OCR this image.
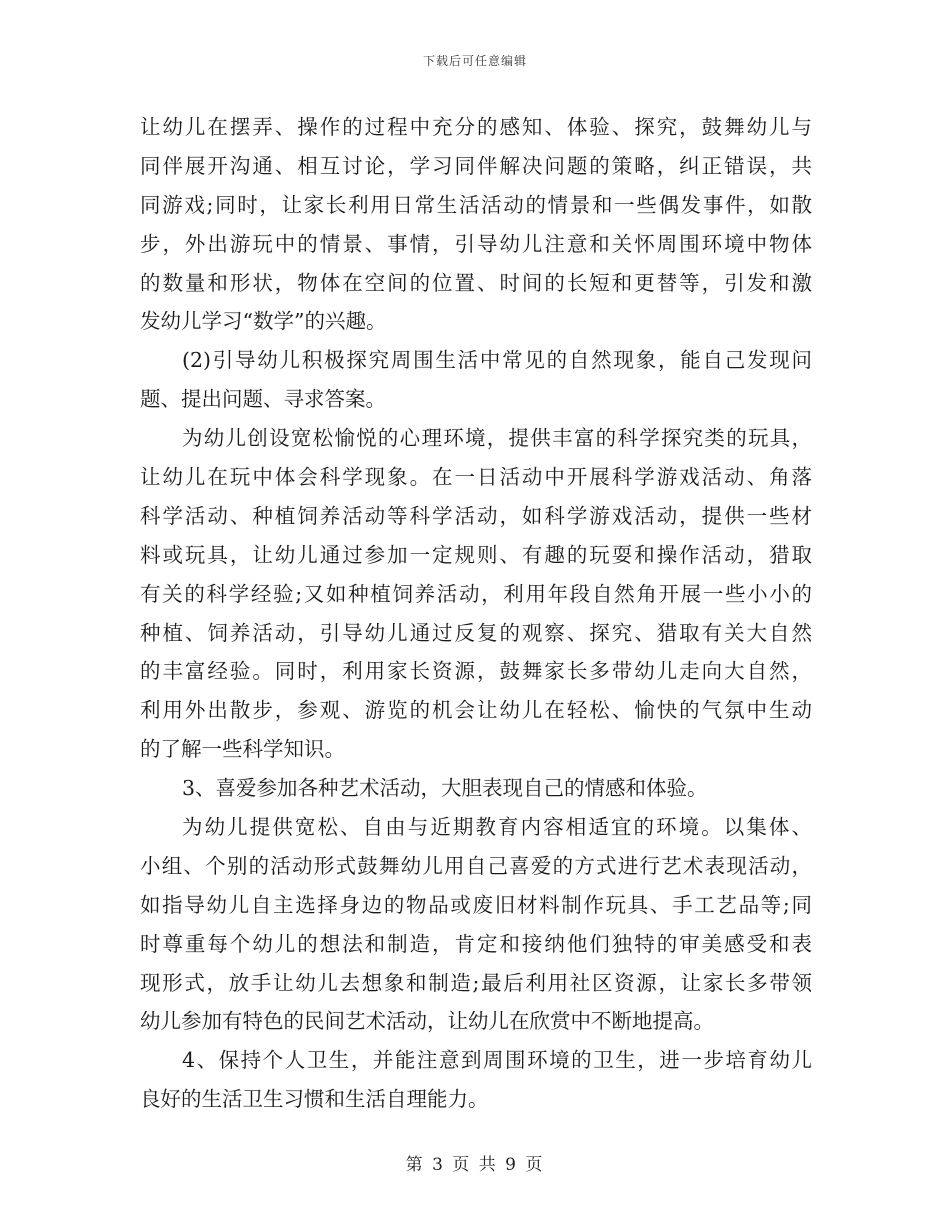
下载后可任意编辑
让幼儿在摆弄、操作的过程中充分的感知、体验、探究，鼓舞幼儿与
同伴展开沟通、相互讨论，学习同伴解决问题的策略，纠正错误，共
同游戏;同时，让家长利用日常生活活动的情景和一些偶发事件，如散
步，外出游玩中的情景、事情，引导幼儿注意和关怀周围环境中物体
的数量和形状，物体在空间的位置、时间的长短和更替等，引发和激
发幼儿学习“数学”的兴趣。
(2)引导幼儿积极探究周围生活中常见的自然现象，能自己发现问
题、提出问题、寻求答案。
为幼儿创设宽松愉悦的心理环境，提供丰富的科学探究类的玩具，
让幼儿在玩中体会科学现象。在一日活动中开展科学游戏活动、角落
科学活动、种植饲养活动等科学活动，如科学游戏活动，提供一些材
料或玩具，让幼儿通过参加一定规则、有趣的玩耍和操作活动，猎取
有关的科学经验;又如种植饲养活动，利用年段自然角开展一些小小的
种植、饲养活动，引导幼儿通过反复的观察、探究、猎取有关大自然
的丰富经验。同时，利用家长资源，鼓舞家长多带幼儿走向大自然，
利用外出散步，参观、游览的机会让幼儿在轻松、愉快的气氛中生动
的了解一些科学知识。
3、喜爱参加各种艺术活动，大胆表现自己的情感和体验。
为幼儿提供宽松、自由与近期教育内容相适宜的环境。以集体、
小组、个别的活动形式鼓舞幼儿用自己喜爱的方式进行艺术表现活动，
如指导幼儿自主选择身边的物品或废旧材料制作玩具、手工艺品等;同
时尊重每个幼儿的想法和制造，肯定和接纳他们独特的审美感受和表
现形式，放手让幼儿去想象和制造;最后利用社区资源，让家长多带领
幼儿参加有特色的民间艺术活动，让幼儿在欣赏中不断地提高。
4、保持个人卫生，并能注意到周围环境的卫生，进一步培育幼儿
良好的生活卫生习惯和生活自理能力。
第 3 页 共 9 页
